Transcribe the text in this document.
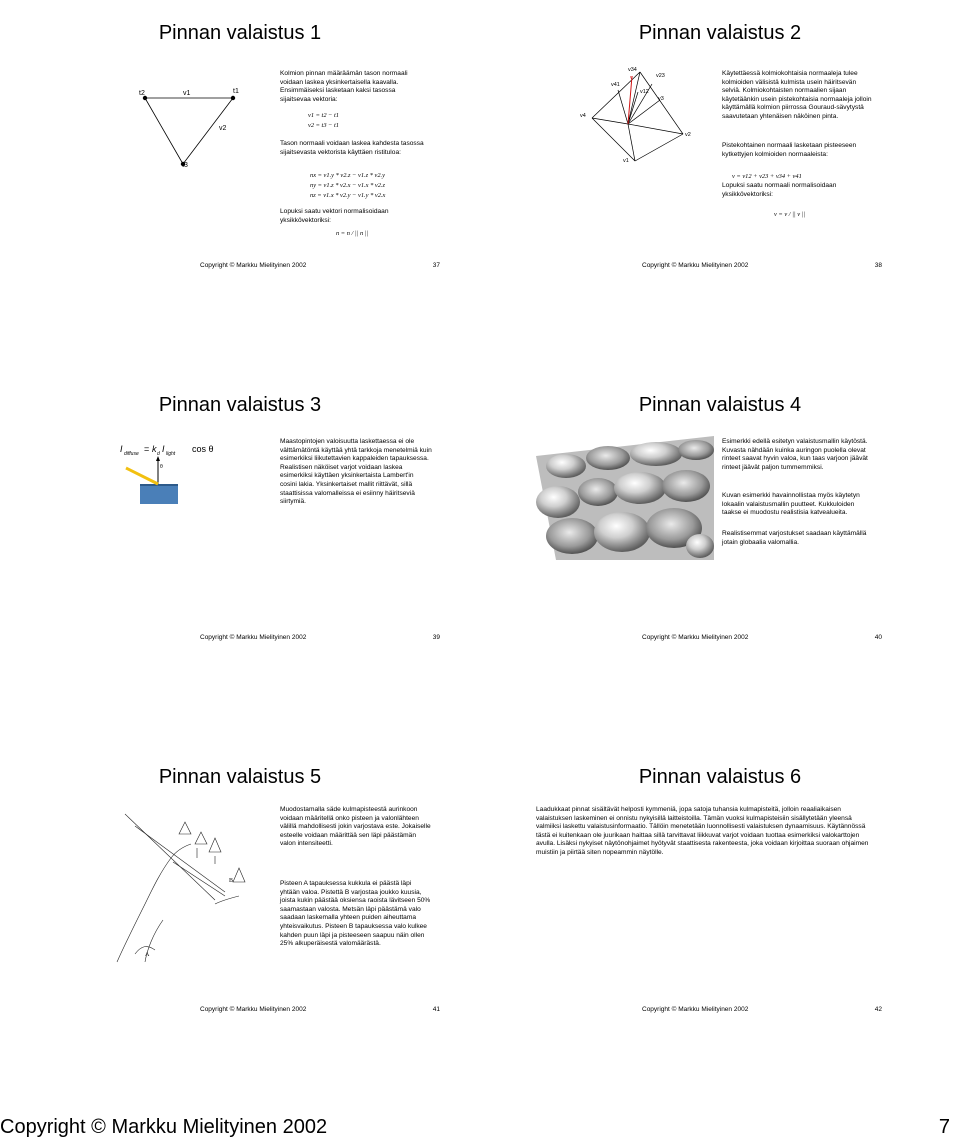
Pinnan valaistus 1
t2	t1
v1
v2
t3
Kolmion pinnan määräämän tason normaali voidaan laskea yksinkertaisella kaavalla. Ensimmäiseksi lasketaan kaksi tasossa sijaitsevaa vektoria:
v1 = t2 − t1
v2 = t3 − t1
Tason normaali voidaan laskea kahdesta tasossa sijaitsevasta vektorista käyttäen ristituloa:
nx = v1.y * v2.z − v1.z * v2.y
ny = v1.z * v2.x − v1.x * v2.z
nz = v1.x * v2.y − v1.y * v2.x
Lopuksi saatu vektori normalisoidaan yksikkövektoriksi:
n = n / || n ||
Copyright © Markku Mielityinen 2002	37
Pinnan valaistus 2
v
v34
v23
v41
v12
v3
v4
v2
v1
Käytettäessä kolmiokohtaisia normaaleja tulee kolmioiden välisistä kulmista usein häiritsevän selviä. Kolmiokohtaisten normaalien sijaan käytetäänkin usein pistekohtaisia normaaleja jolloin käyttämällä kolmion piirrossa Gouraud-sävytystä saavutetaan yhtenäisen näköinen pinta.
Pistekohtainen normaali lasketaan pisteeseen kytkettyjen kolmioiden normaaleista:
v = v12 + v23 + v34 + v41
Lopuksi saatu normaali normalisoidaan yksikkövektoriksi:
v = v / || v ||
Copyright © Markku Mielityinen 2002	38
Pinnan valaistus 3
I diffuse = k d I light cos θ
θ
Maastopintojen valoisuutta laskettaessa ei ole välttämätöntä käyttää yhtä tarkkoja menetelmiä kuin esimerkiksi liikutettavien kappaleiden tapauksessa. Realistisen näköiset varjot voidaan laskea esimerkiksi käyttäen yksinkertaista Lambert'in cosini lakia. Yksinkertaiset mallit riittävät, sillä staattisissa valomalleissa ei esiinny häiritseviä siirtymiä.
Copyright © Markku Mielityinen 2002	39
Pinnan valaistus 4
Esimerkki edellä esitetyn valaistusmallin käytöstä. Kuvasta nähdään kuinka auringon puolella olevat rinteet saavat hyvin valoa, kun taas varjoon jäävät rinteet jäävät paljon tummemmiksi.
Kuvan esimerkki havainnollistaa myös käytetyn lokaalin valaistusmallin puutteet. Kukkuloiden taakse ei muodostu realistisia katvealueita.
Realistisemmat varjostukset saadaan käyttämällä jotain globaalia valomallia.
Copyright © Markku Mielityinen 2002	40
Pinnan valaistus 5
B
A
Muodostamalla säde kulmapisteestä aurinkoon voidaan määritellä onko pisteen ja valonlähteen välillä mahdollisesti jokin varjostava este. Jokaiselle esteelle voidaan määrittää sen läpi päästämän valon intensiteetti.
Pisteen A tapauksessa kukkula ei päästä läpi yhtään valoa. Pistettä B varjostaa joukko kuusia, joista kukin päästää oksiensa raoista lävitseen 50% saamastaan valosta. Metsän läpi päästämä valo saadaan laskemalla yhteen puiden aiheuttama yhteisvaikutus. Pisteen B tapauksessa valo kulkee kahden puun läpi ja pisteeseen saapuu näin ollen 25% alkuperäisestä valomäärästä.
Copyright © Markku Mielityinen 2002	41
Pinnan valaistus 6
Laadukkaat pinnat sisältävät helposti kymmeniä, jopa satoja tuhansia kulmapisteitä, jolloin reaaliaikaisen valaistuksen laskeminen ei onnistu nykyisillä laitteistoilla. Tämän vuoksi kulmapisteisiin sisällytetään yleensä valmiiksi laskettu valaistusinformaatio. Tällöin menetetään luonnollisesti valaistuksen dynaamisuus. Käytännössä tästä ei kuitenkaan ole juurikaan haittaa sillä tarvittavat liikkuvat varjot voidaan tuottaa esimerkiksi valokarttojen avulla. Lisäksi nykyiset näytönohjaimet hyötyvät staattisesta rakenteesta, joka voidaan kirjoittaa suoraan ohjaimen muistiin ja piirtää siten nopeammin näytölle.
Copyright © Markku Mielityinen 2002	42
Copyright © Markku Mielityinen 2002	7
